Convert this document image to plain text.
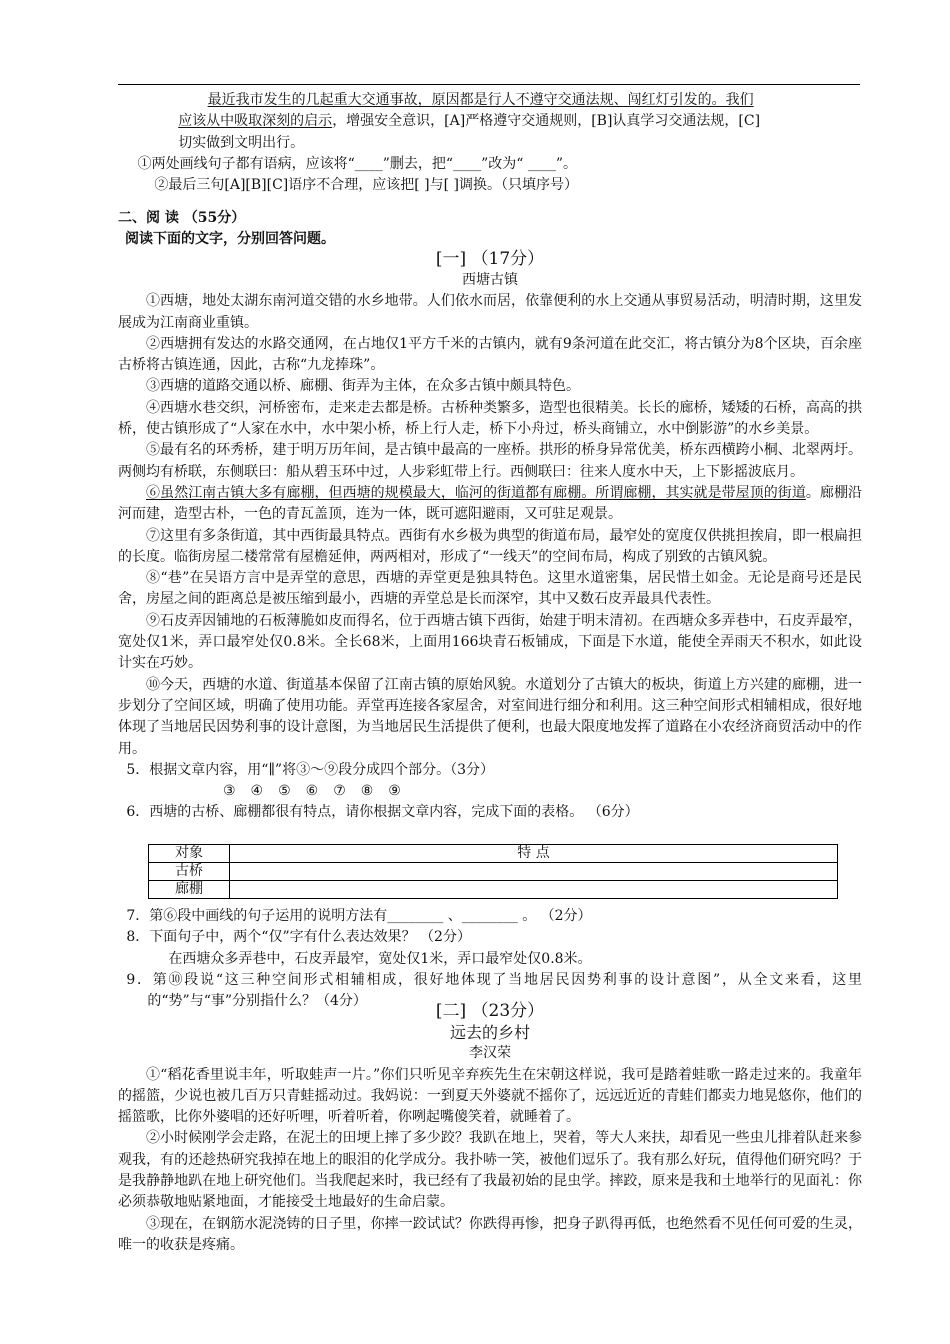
最近我市发生的几起重大交通事故，原因都是行人不遵守交通法规、闯红灯引发的。我们

应该从中吸取深刻的启示，增强安全意识，[A]严格遵守交通规则，[B]认真学习交通法规，[C]

切实做到文明出行。

①两处画线句子都有语病，应该将“____”删去，把“____”改为“ ____”。

②最后三句[A][B][C]语序不合理，应该把[ ]与[ ]调换。（只填序号）

二、阅 读 （55分）

阅读下面的文字，分别回答问题。

[一] （17分）

西塘古镇

①西塘，地处太湖东南河道交错的水乡地带。人们依水而居，依靠便利的水上交通从事贸易活动，明清时期，这里发展成为江南商业重镇。

②西塘拥有发达的水路交通网，在占地仅1平方千米的古镇内，就有9条河道在此交汇，将古镇分为8个区块，百余座古桥将古镇连通，因此，古称“九龙捧珠”。

③西塘的道路交通以桥、廊棚、街弄为主体，在众多古镇中颇具特色。

④西塘水巷交织，河桥密布，走来走去都是桥。古桥种类繁多，造型也很精美。长长的廊桥，矮矮的石桥，高高的拱桥，使古镇形成了“人家在水中，水中架小桥，桥上行人走，桥下小舟过，桥头商铺立，水中倒影游”的水乡美景。

⑤最有名的环秀桥，建于明万历年间，是古镇中最高的一座桥。拱形的桥身异常优美，桥东西横跨小桐、北翠两圩。两侧均有桥联，东侧联曰：船从碧玉环中过，人步彩虹带上行。西侧联曰：往来人度水中天，上下影摇波底月。

⑥虽然江南古镇大多有廊棚，但西塘的规模最大，临河的街道都有廊棚。所谓廊棚，其实就是带屋顶的街道。廊棚沿河而建，造型古朴，一色的青瓦盖顶，连为一体，既可遮阳避雨，又可驻足观景。

⑦这里有多条街道，其中西街最具特点。西街有水乡极为典型的街道布局，最窄处的宽度仅供挑担挨肩，即一根扁担的长度。临街房屋二楼常常有屋檐延伸，两两相对，形成了“一线天”的空间布局，构成了别致的古镇风貌。

⑧“巷”在吴语方言中是弄堂的意思，西塘的弄堂更是独具特色。这里水道密集，居民惜土如金。无论是商号还是民舍，房屋之间的距离总是被压缩到最小，西塘的弄堂总是长而深窄，其中又数石皮弄最具代表性。

⑨石皮弄因铺地的石板薄脆如皮而得名，位于西塘古镇下西街，始建于明末清初。在西塘众多弄巷中，石皮弄最窄，宽处仅1米，弄口最窄处仅0.8米。全长68米，上面用166块青石板铺成，下面是下水道，能使全弄雨天不积水，如此设计实在巧妙。

⑩今天，西塘的水道、街道基本保留了江南古镇的原始风貌。水道划分了古镇大的板块，街道上方兴建的廊棚，进一步划分了空间区域，明确了使用功能。弄堂再连接各家屋舍，对室间进行细分和利用。这三种空间形式相辅相成，很好地体现了当地居民因势利事的设计意图，为当地居民生活提供了便利，也最大限度地发挥了道路在小农经济商贸活动中的作用。

5．根据文章内容，用“∥”将③～⑨段分成四个部分。（3分）

③④⑤⑥⑦⑧⑨

6．西塘的古桥、廊棚都很有特点，请你根据文章内容，完成下面的表格。 （6分）

对象	特 点
古桥	
廊棚	

7．第⑥段中画线的句子运用的说明方法有________ 、________ 。 （2分）

8．下面句子中，两个“仅”字有什么表达效果？ （2分）

在西塘众多弄巷中，石皮弄最窄，宽处仅1米，弄口最窄处仅0.8米。

9．第⑩段说“这三种空间形式相辅相成，很好地体现了当地居民因势利事的设计意图”，从全文来看，这里的“势”与“事”分别指什么？（4分）	[二] （23分）

远去的乡村

李汉荣

①“稻花香里说丰年，听取蛙声一片。”你们只听见辛弃疾先生在宋朝这样说，我可是踏着蛙歌一路走过来的。我童年的摇篮，少说也被几百万只青蛙摇动过。我妈说：一到夏天外婆就不摇你了，远远近近的青蛙们都卖力地晃悠你，他们的摇篮歌，比你外婆唱的还好听哩，听着听着，你咧起嘴傻笑着，就睡着了。

②小时候刚学会走路，在泥土的田埂上摔了多少跤？我趴在地上，哭着，等大人来扶，却看见一些虫儿排着队赶来参观我，有的还趁热研究我掉在地上的眼泪的化学成分。我扑哧一笑，被他们逗乐了。我有那么好玩，值得他们研究吗？于是我静静地趴在地上研究他们。当我爬起来时，我已经有了我最初始的昆虫学。摔跤，原来是我和土地举行的见面礼：你必须恭敬地贴紧地面，才能接受土地最好的生命启蒙。

③现在，在钢筋水泥浇铸的日子里，你摔一跤试试？你跌得再惨，把身子趴得再低，也绝然看不见任何可爱的生灵，唯一的收获是疼痛。
